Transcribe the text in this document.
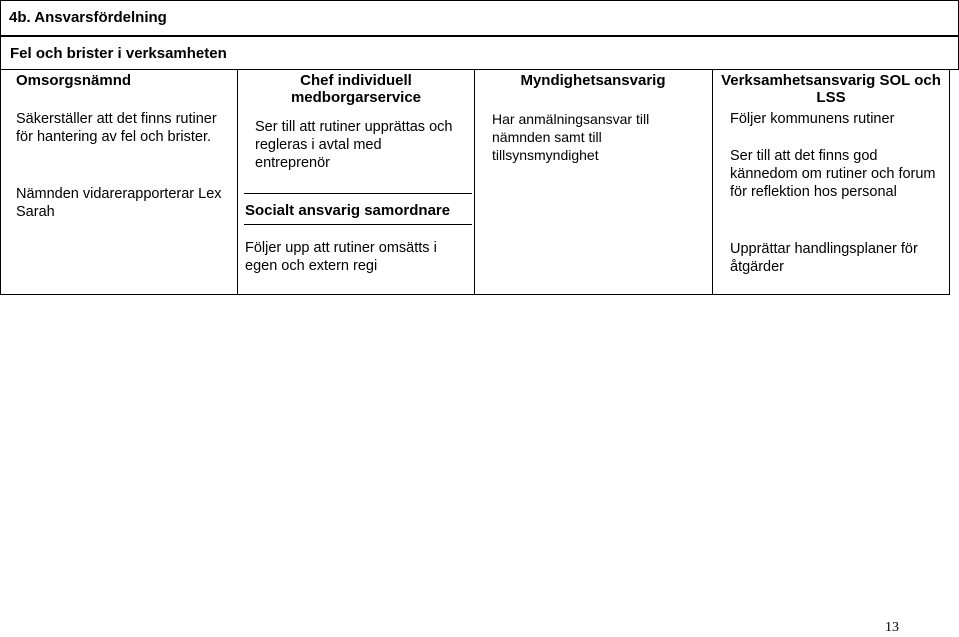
4b. Ansvarsfördelning
Fel och brister i verksamheten
Omsorgsnämnd
Säkerställer att det finns rutiner för hantering av fel och brister.
Nämnden vidarerapporterar Lex Sarah
Chef individuell medborgarservice
Ser till att rutiner upprättas och regleras i avtal med entreprenör
Socialt ansvarig samordnare
Följer upp att rutiner omsätts i egen och extern regi
Myndighetsansvarig
Har anmälningsansvar till nämnden samt till tillsynsmyndighet
Verksamhetsansvarig SOL och LSS
Följer kommunens rutiner
Ser till att det finns god kännedom om rutiner och forum för reflektion hos personal
Upprättar handlingsplaner för åtgärder
13
